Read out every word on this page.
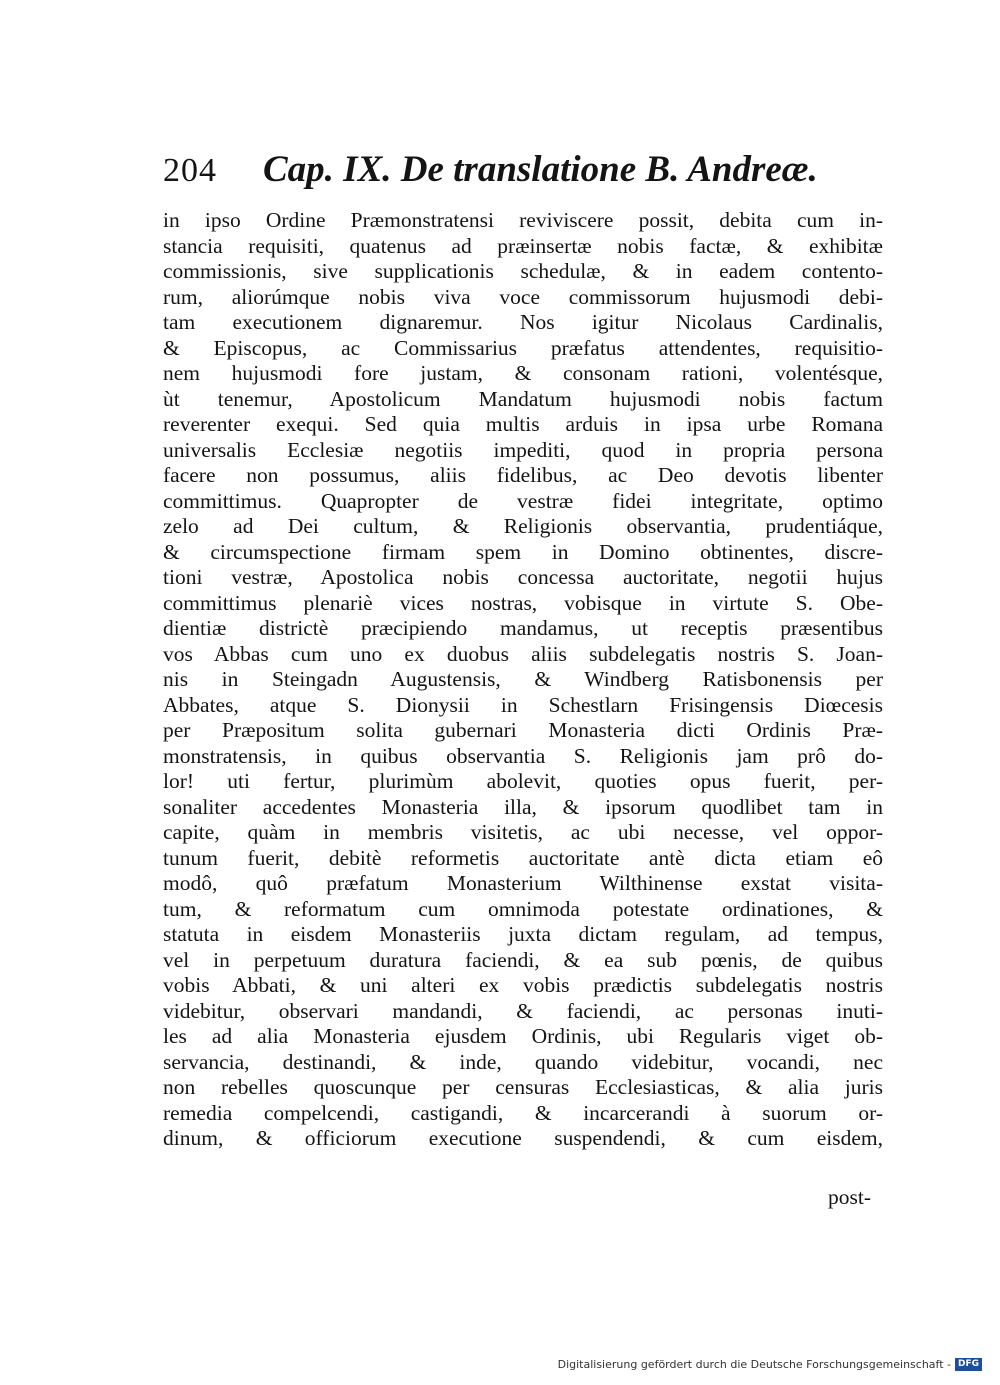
204 Cap. IX. De translatione B. Andreæ.
in ipso Ordine Præmonstratensi reviviscere possit, debita cum in-
stancia requisiti, quatenus ad præinsertæ nobis factæ, & exhibitæ
commissionis, sive supplicationis schedulæ, & in eadem contento-
rum, aliorúmque nobis viva voce commissorum hujusmodi debi-
tam executionem dignaremur. Nos igitur Nicolaus Cardinalis,
& Episcopus, ac Commissarius præfatus attendentes, requisitio-
nem hujusmodi fore justam, & consonam rationi, volentésque,
ùt tenemur, Apostolicum Mandatum hujusmodi nobis factum
reverenter exequi. Sed quia multis arduis in ipsa urbe Romana
universalis Ecclesiæ negotiis impediti, quod in propria persona
facere non possumus, aliis fidelibus, ac Deo devotis libenter
committimus. Quapropter de vestræ fidei integritate, optimo
zelo ad Dei cultum, & Religionis observantia, prudentiáque,
& circumspectione firmam spem in Domino obtinentes, discre-
tioni vestræ, Apostolica nobis concessa auctoritate, negotii hujus
committimus plenariè vices nostras, vobisque in virtute S. Obe-
dientiæ districtè præcipiendo mandamus, ut receptis præsentibus
vos Abbas cum uno ex duobus aliis subdelegatis nostris S. Joan-
nis in Steingadn Augustensis, & Windberg Ratisbonensis per
Abbates, atque S. Dionysii in Schestlarn Frisingensis Diœcesis
per Præpositum solita gubernari Monasteria dicti Ordinis Præ-
monstratensis, in quibus observantia S. Religionis jam prô do-
lor! uti fertur, plurimùm abolevit, quoties opus fuerit, per-
sonaliter accedentes Monasteria illa, & ipsorum quodlibet tam in
capite, quàm in membris visitetis, ac ubi necesse, vel oppor-
tunum fuerit, debitè reformetis auctoritate antè dicta etiam eô
modô, quô præfatum Monasterium Wilthinense exstat visita-
tum, & reformatum cum omnimoda potestate ordinationes, &
statuta in eisdem Monasteriis juxta dictam regulam, ad tempus,
vel in perpetuum duratura faciendi, & ea sub pœnis, de quibus
vobis Abbati, & uni alteri ex vobis prædictis subdelegatis nostris
videbitur, observari mandandi, & faciendi, ac personas inuti-
les ad alia Monasteria ejusdem Ordinis, ubi Regularis viget ob-
servancia, destinandi, & inde, quando videbitur, vocandi, nec
non rebelles quoscunque per censuras Ecclesiasticas, & alia juris
remedia compelcendi, castigandi, & incarcerandi à suorum or-
dinum, & officiorum executione suspendendi, & cum eisdem,
post-
Digitalisierung gefördert durch die Deutsche Forschungsgemeinschaft - DFG
